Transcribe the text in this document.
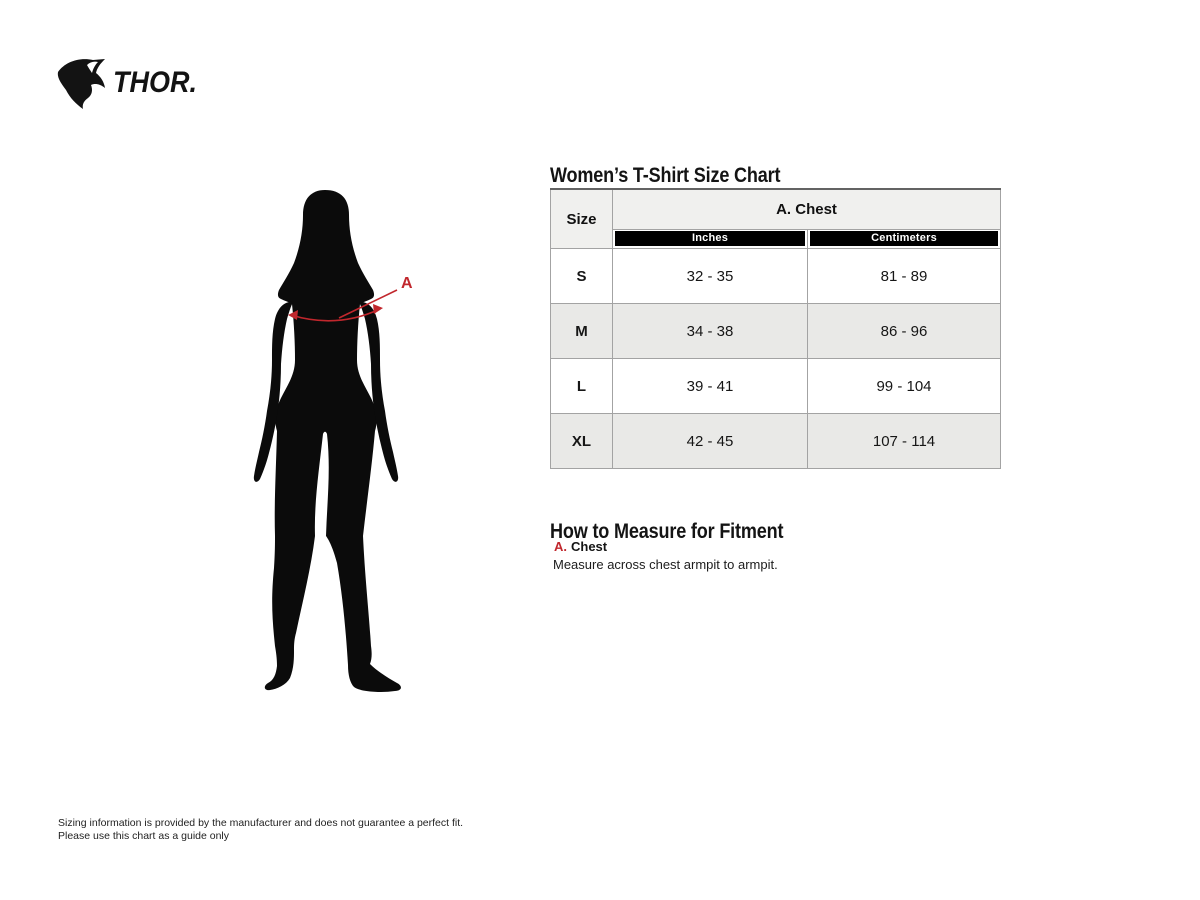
THOR.
A
Women’s T-Shirt Size Chart
Size	A. Chest	

	Inches	Centimeters

S	32 - 35	81 - 89
M	34 - 38	86 - 96
L	39 - 41	99 - 104
XL	42 - 45	107 - 114
How to Measure for Fitment
A. Chest
Measure across chest armpit to armpit.
Sizing information is provided by the manufacturer and does not guarantee a perfect fit.
Please use this chart as a guide only
